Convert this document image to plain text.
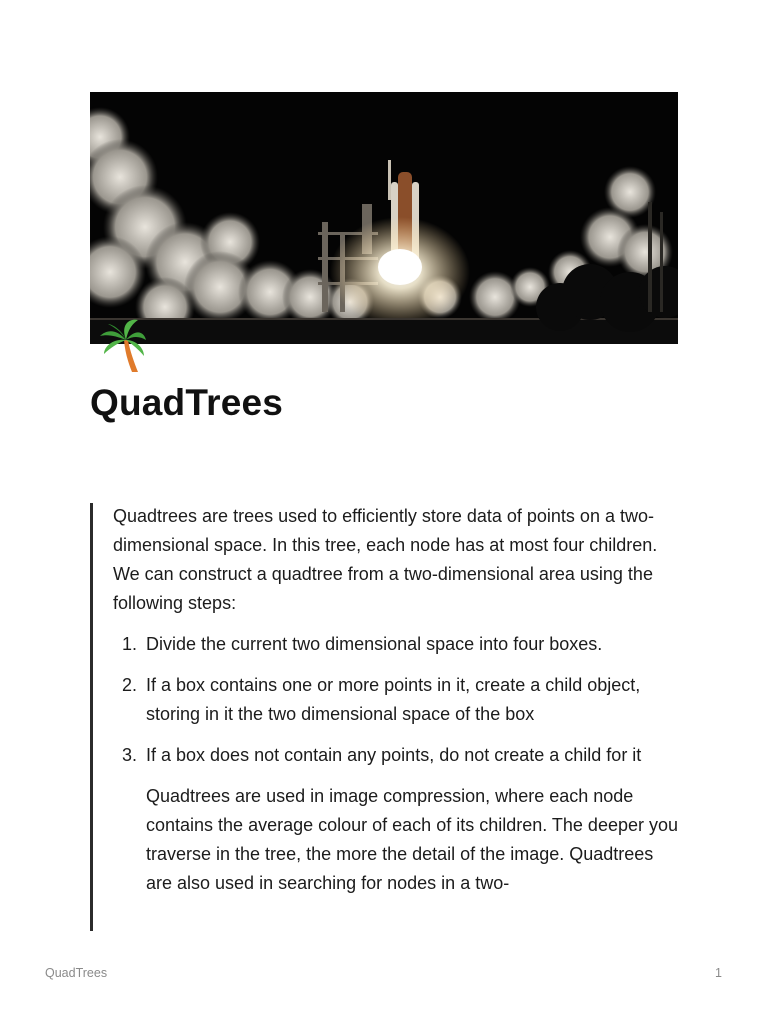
QuadTrees

Quadtrees are trees used to efficiently store data of points on a two-dimensional space. In this tree, each node has at most four children. We can construct a quadtree from a two-dimensional area using the following steps:

1. Divide the current two dimensional space into four boxes.
2. If a box contains one or more points in it, create a child object, storing in it the two dimensional space of the box
3. If a box does not contain any points, do not create a child for it

Quadtrees are used in image compression, where each node contains the average colour of each of its children. The deeper you traverse in the tree, the more the detail of the image. Quadtrees are also used in searching for nodes in a two-

QuadTrees	1
